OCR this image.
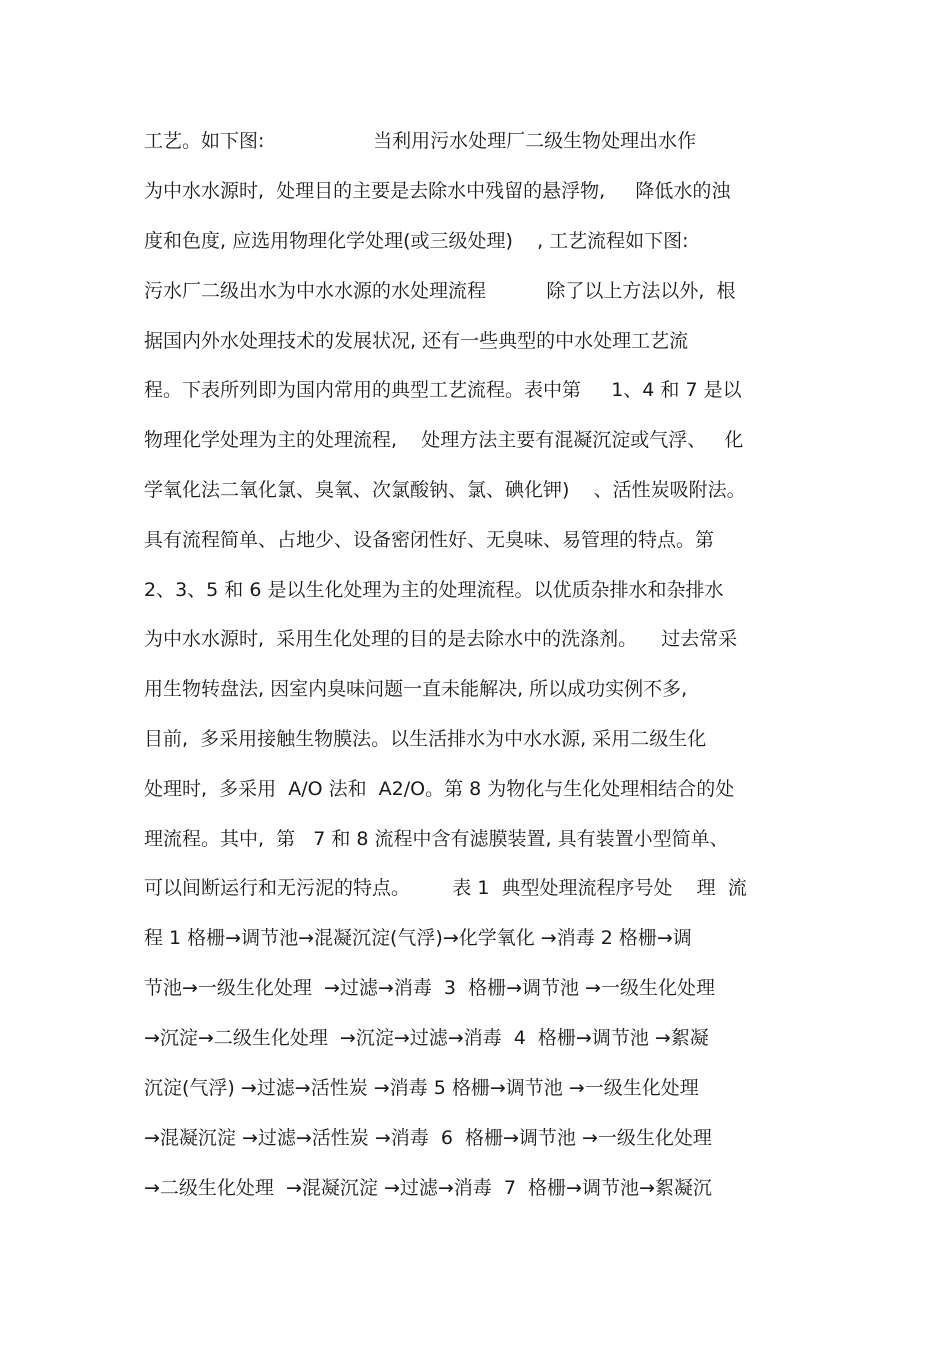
工艺。如下图:                  当利用污水处理厂二级生物处理出水作
为中水水源时,  处理目的主要是去除水中残留的悬浮物,     降低水的浊
度和色度, 应选用物理化学处理(或三级处理)    , 工艺流程如下图:
污水厂二级出水为中水水源的水处理流程          除了以上方法以外,  根
据国内外水处理技术的发展状况, 还有一些典型的中水处理工艺流
程。下表所列即为国内常用的典型工艺流程。表中第     1、4 和 7 是以
物理化学处理为主的处理流程,    处理方法主要有混凝沉淀或气浮、   化
学氧化法二氧化氯、臭氧、次氯酸钠、氯、碘化钾)    、活性炭吸附法。
具有流程简单、占地少、设备密闭性好、无臭味、易管理的特点。第
2、3、5 和 6 是以生化处理为主的处理流程。以优质杂排水和杂排水
为中水水源时,  采用生化处理的目的是去除水中的洗涤剂。    过去常采
用生物转盘法, 因室内臭味问题一直未能解决, 所以成功实例不多,
目前,  多采用接触生物膜法。以生活排水为中水水源, 采用二级生化
处理时,  多采用  A/O 法和  A2/O。第 8 为物化与生化处理相结合的处
理流程。其中,  第   7 和 8 流程中含有滤膜装置, 具有装置小型简单、
可以间断运行和无污泥的特点。       表 1  典型处理流程序号处    理  流
程 1 格栅→调节池→混凝沉淀(气浮)→化学氧化 →消毒 2 格栅→调
节池→一级生化处理  →过滤→消毒  3  格栅→调节池 →一级生化处理
→沉淀→二级生化处理  →沉淀→过滤→消毒  4  格栅→调节池 →絮凝
沉淀(气浮) →过滤→活性炭 →消毒 5 格栅→调节池 →一级生化处理
→混凝沉淀 →过滤→活性炭 →消毒  6  格栅→调节池 →一级生化处理
→二级生化处理  →混凝沉淀 →过滤→消毒  7  格栅→调节池→絮凝沉
